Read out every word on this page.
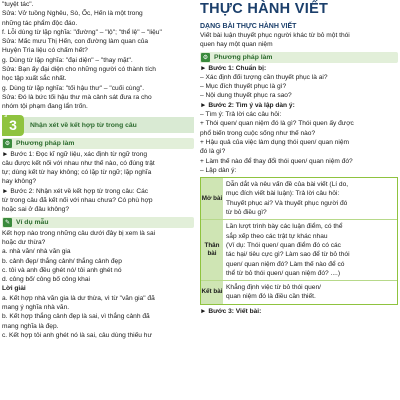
"tuyệt tác".

Sửa: Vở tuồng Nghêu, Sò, Ốc, Hến là một trong

những tác phẩm độc đáo.

f. Lỗi dùng từ lặp nghĩa: "đường" – "lộ"; "thể lệ" – "liệu"

Sửa: Mấc mưu Thị Hến, con đường làm quan của

Huyện Trìa liệu có chấm hết?

g. Dùng từ lặp nghĩa: "đại diện" – "thay mặt".

Sửa: Bạn ấy đại diện cho những người có thành tích

học tập xuất sắc nhất.

g. Dùng từ lặp nghĩa: "tối hậu thư" – "cuối cùng".

Sửa: Đó là bức tối hậu thư mà cảnh sát đưa ra cho

nhóm tội phạm đang lẩn trốn.

Mục
3	Nhận xét về kết hợp từ trong câu
⚙ Phương pháp làm

► Bước 1: Đọc kĩ ngữ liệu, xác định từ ngữ trong

câu được kết nối với nhau như thế nào, có đúng trật

tự; dùng kết từ hay không; có lặp từ ngữ; lặp nghĩa

hay không?

► Bước 2: Nhận xét về kết hợp từ trong câu: Các

từ trong câu đã kết nối với nhau chưa? Có phù hợp

hoặc sai ở đâu không?

✎ Ví dụ mẫu

Kết hợp nào trong những câu dưới đây bị xem là sai

hoặc dư thừa?

a. nhà văn/ nhà văn gia

b. cảnh đẹp/ thắng cảnh/ thắng cảnh đẹp

c. tôi và anh đều ghét nó/ tôi anh ghét nó

d. công bố/ công bố công khai

Lời giải

a. Kết hợp nhà văn gia là dư thừa, vì từ "văn gia" đã

mang ý nghĩa nhà văn.

b. Kết hợp thắng cảnh đẹp là sai, vì thắng cảnh đã

mang nghĩa là đẹp.

c. Kết hợp tôi anh ghét nó là sai, câu dùng thiếu hư

THỰC HÀNH VIẾT
DẠNG BÀI THỰC HÀNH VIẾT

Viết bài luận thuyết phục người khác từ bỏ một thói

quen hay một quan niệm

⚙ Phương pháp làm

► Bước 1: Chuẩn bị:

– Xác định đối tượng cần thuyết phục là ai?

– Mục đích thuyết phục là gì?

– Nội dung thuyết phục ra sao?

► Bước 2: Tìm ý và lập dàn ý:

– Tìm ý: Trả lời các câu hỏi:

+ Thói quen/ quan niệm đó là gì? Thói quen ấy được

phổ biến trong cuộc sống như thế nào?

+ Hậu quả của việc làm dụng thói quen/ quan niệm

đó là gì?

+ Làm thế nào để thay đổi thói quen/ quan niệm đó?

– Lập dàn ý:

Mở bài

Dẫn dắt và nêu vấn đề của bài viết (Lí do,

mục đích viết bài luận): Trả lời câu hỏi:

Thuyết phục ai? Và thuyết phục người đó

từ bỏ điều gì?

Thân bài

Lần lượt trình bày các luận điểm, có thể

sắp xếp theo các trật tự khác nhau

(Ví dụ: Thói quen/ quan điểm đó có các

tác hại/ tiêu cực gì? Làm sao để từ bỏ thói

quen/ quan niệm đó? Làm thế nào để có

thể từ bỏ thói quen/ quan niệm đó? ....)

Kết bài

Khẳng định việc từ bỏ thói quen/

quan niệm đó là điều cần thiết.

► Bước 3: Viết bài:
